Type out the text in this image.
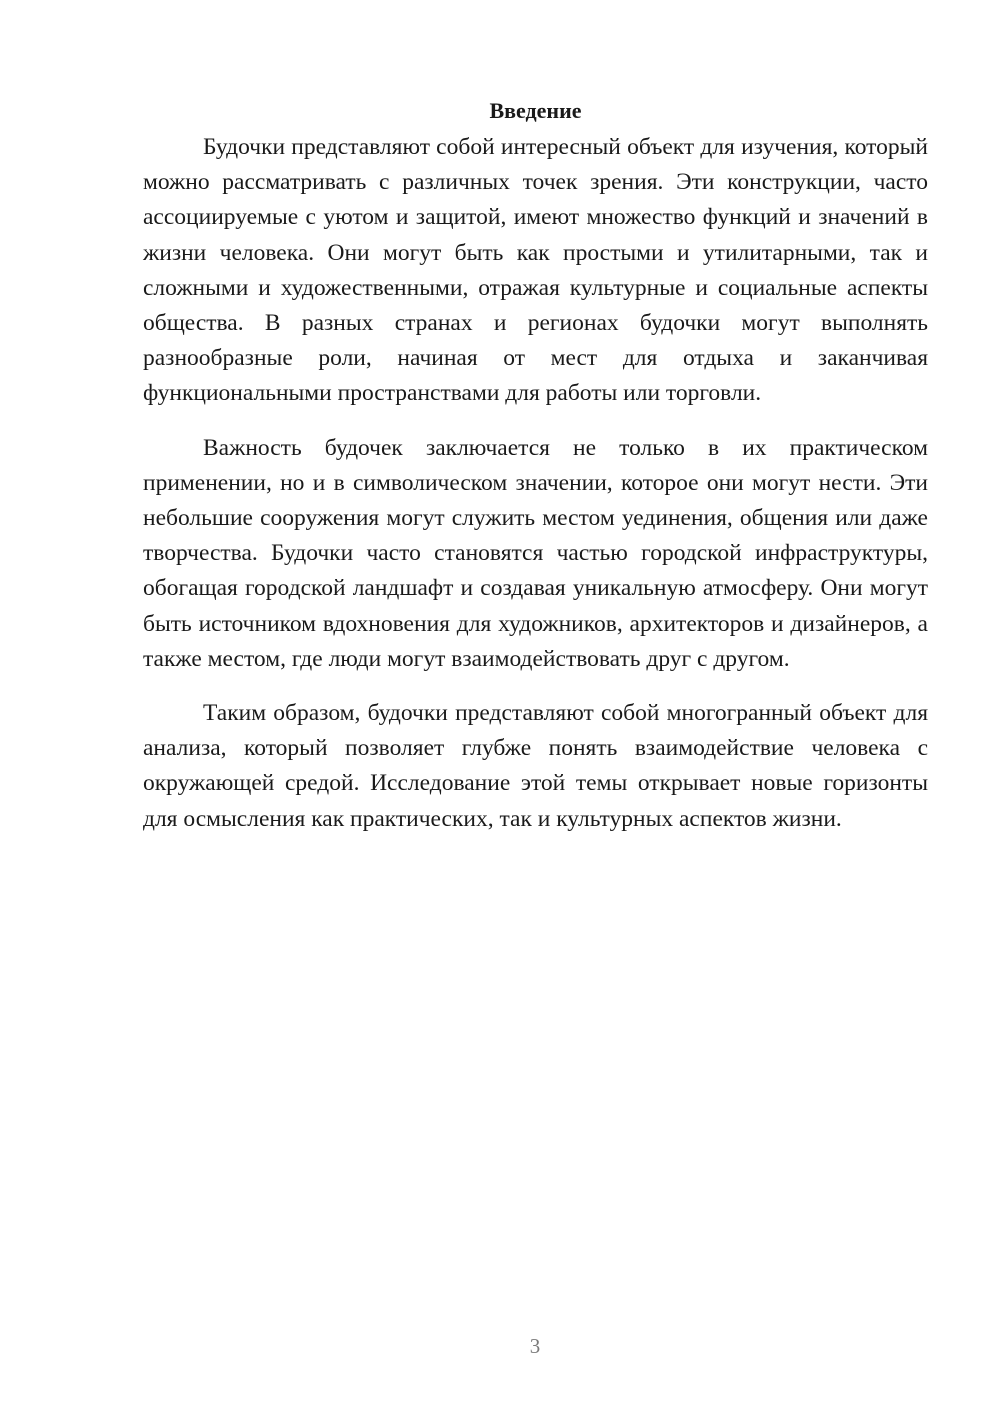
Введение

Будочки представляют собой интересный объект для изучения, который можно рассматривать с различных точек зрения. Эти конструкции, часто ассоциируемые с уютом и защитой, имеют множество функций и значений в жизни человека. Они могут быть как простыми и утилитарными, так и сложными и художественными, отражая культурные и социальные аспекты общества. В разных странах и регионах будочки могут выполнять разнообразные роли, начиная от мест для отдыха и заканчивая функциональными пространствами для работы или торговли.

Важность будочек заключается не только в их практическом применении, но и в символическом значении, которое они могут нести. Эти небольшие сооружения могут служить местом уединения, общения или даже творчества. Будочки часто становятся частью городской инфраструктуры, обогащая городской ландшафт и создавая уникальную атмосферу. Они могут быть источником вдохновения для художников, архитекторов и дизайнеров, а также местом, где люди могут взаимодействовать друг с другом.

Таким образом, будочки представляют собой многогранный объект для анализа, который позволяет глубже понять взаимодействие человека с окружающей средой. Исследование этой темы открывает новые горизонты для осмысления как практических, так и культурных аспектов жизни.

3
